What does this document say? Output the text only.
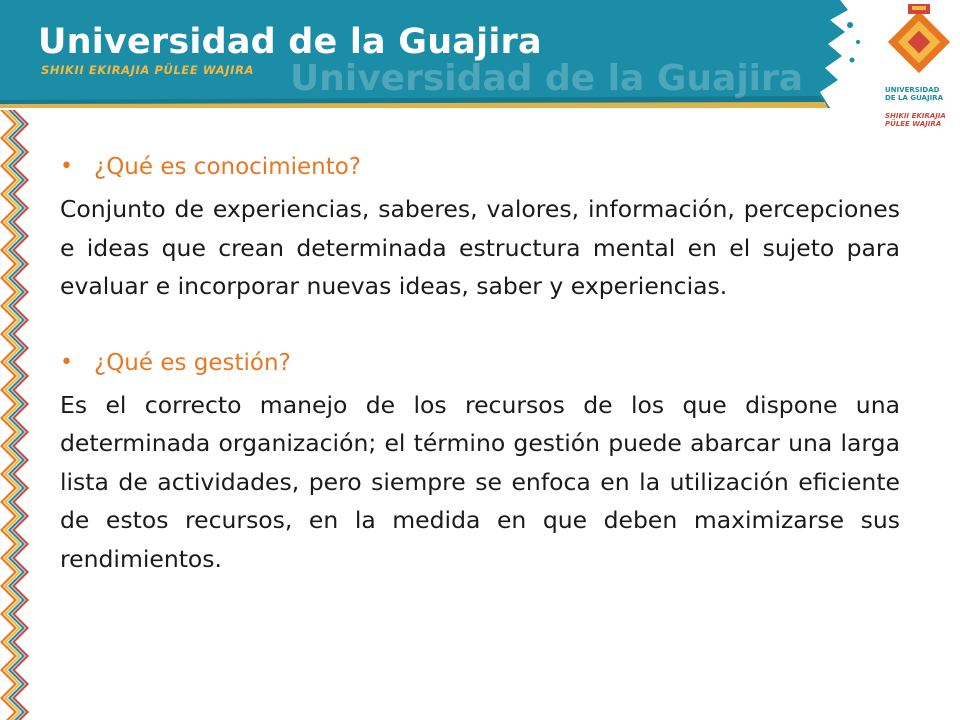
Universidad de la Guajira
Universidad de la Guajira
SHIKII EKIRAJIA PÜLEE WAJIRA
UNIVERSIDAD
DE LA GUAJIRA
SHIKII EKIRAJIA
PÜLEE WAJIRA
• ¿Qué es conocimiento?
Conjunto de experiencias, saberes, valores, información, percepciones e ideas que crean determinada estructura mental en el sujeto para evaluar e incorporar nuevas ideas, saber y experiencias.
• ¿Qué es gestión?
Es el correcto manejo de los recursos de los que dispone una determinada organización; el término gestión puede abarcar una larga lista de actividades, pero siempre se enfoca en la utilización eficiente de estos recursos, en la medida en que deben maximizarse sus rendimientos.
